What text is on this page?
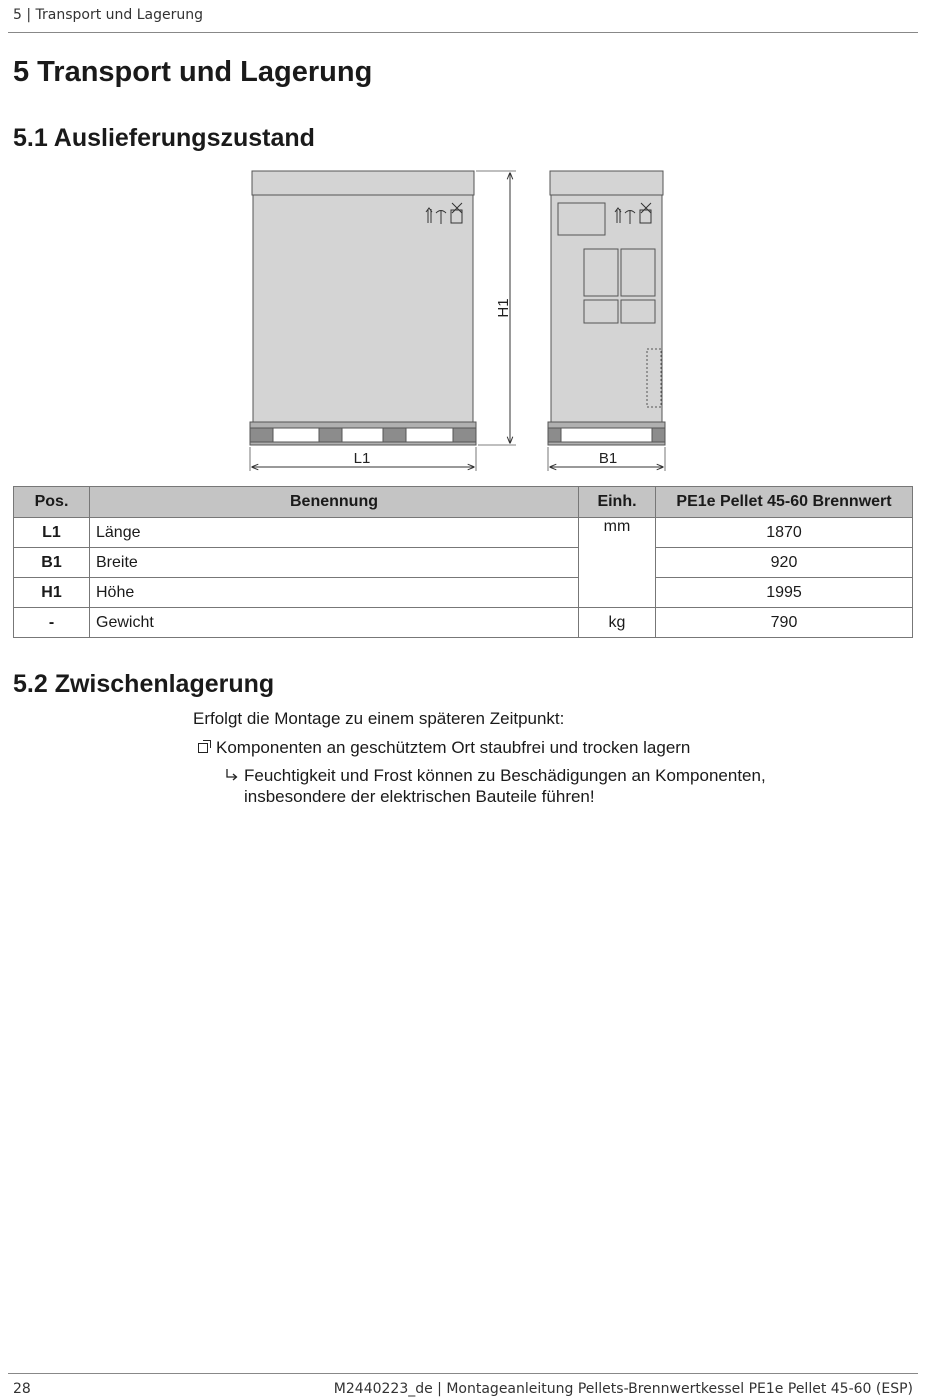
5 | Transport und Lagerung
5 Transport und Lagerung
5.1 Auslieferungszustand
H1
L1	B1
Pos.	Benennung	Einh.	PE1e Pellet 45-60 Brennwert
L1	Länge	mm	1870
B1	Breite		920
H1	Höhe		1995
-	Gewicht	kg	790
5.2 Zwischenlagerung
Erfolgt die Montage zu einem späteren Zeitpunkt:
Komponenten an geschütztem Ort staubfrei und trocken lagern
Feuchtigkeit und Frost können zu Beschädigungen an Komponenten,
insbesondere der elektrischen Bauteile führen!
28	M2440223_de | Montageanleitung Pellets-Brennwertkessel PE1e Pellet 45-60 (ESP)
